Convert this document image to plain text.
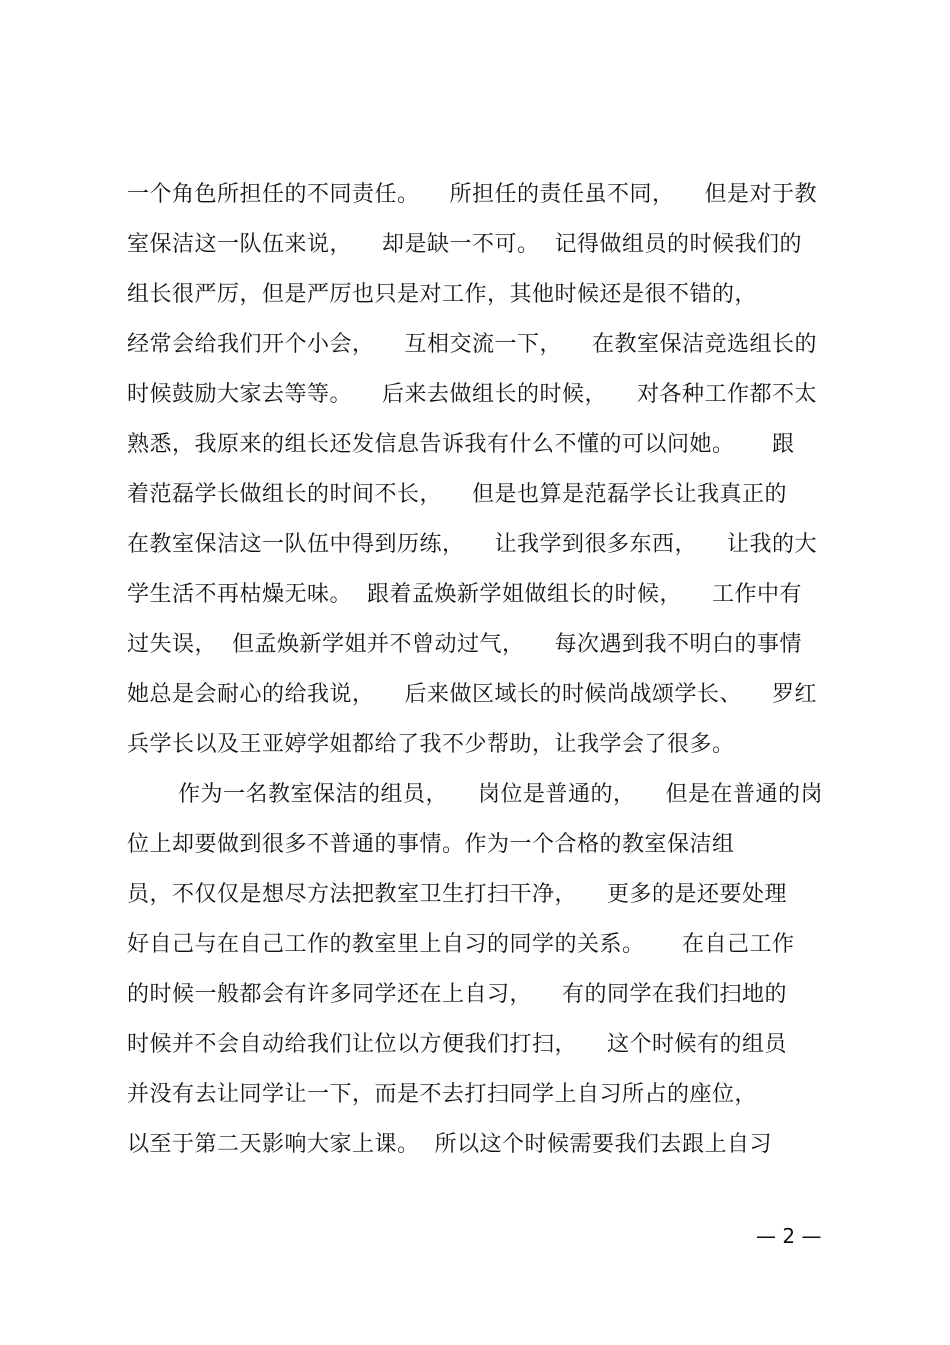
一个角色所担任的不同责任。    所担任的责任虽不同，    但是对于教
室保洁这一队伍来说，    却是缺一不可。  记得做组员的时候我们的
组长很严厉，但是严厉也只是对工作，其他时候还是很不错的，
经常会给我们开个小会，    互相交流一下，    在教室保洁竞选组长的
时候鼓励大家去等等。    后来去做组长的时候，    对各种工作都不太
熟悉，我原来的组长还发信息告诉我有什么不懂的可以问她。     跟
着范磊学长做组长的时间不长，    但是也算是范磊学长让我真正的
在教室保洁这一队伍中得到历练，    让我学到很多东西，    让我的大
学生活不再枯燥无味。  跟着孟焕新学姐做组长的时候，    工作中有
过失误，  但孟焕新学姐并不曾动过气，    每次遇到我不明白的事情
她总是会耐心的给我说，    后来做区域长的时候尚战颂学长、    罗红
兵学长以及王亚婷学姐都给了我不少帮助，让我学会了很多。
作为一名教室保洁的组员，    岗位是普通的，    但是在普通的岗
位上却要做到很多不普通的事情。作为一个合格的教室保洁组
员，不仅仅是想尽方法把教室卫生打扫干净，    更多的是还要处理
好自己与在自己工作的教室里上自习的同学的关系。     在自己工作
的时候一般都会有许多同学还在上自习，    有的同学在我们扫地的
时候并不会自动给我们让位以方便我们打扫，    这个时候有的组员
并没有去让同学让一下，而是不去打扫同学上自习所占的座位，
以至于第二天影响大家上课。  所以这个时候需要我们去跟上自习
— 2 —
